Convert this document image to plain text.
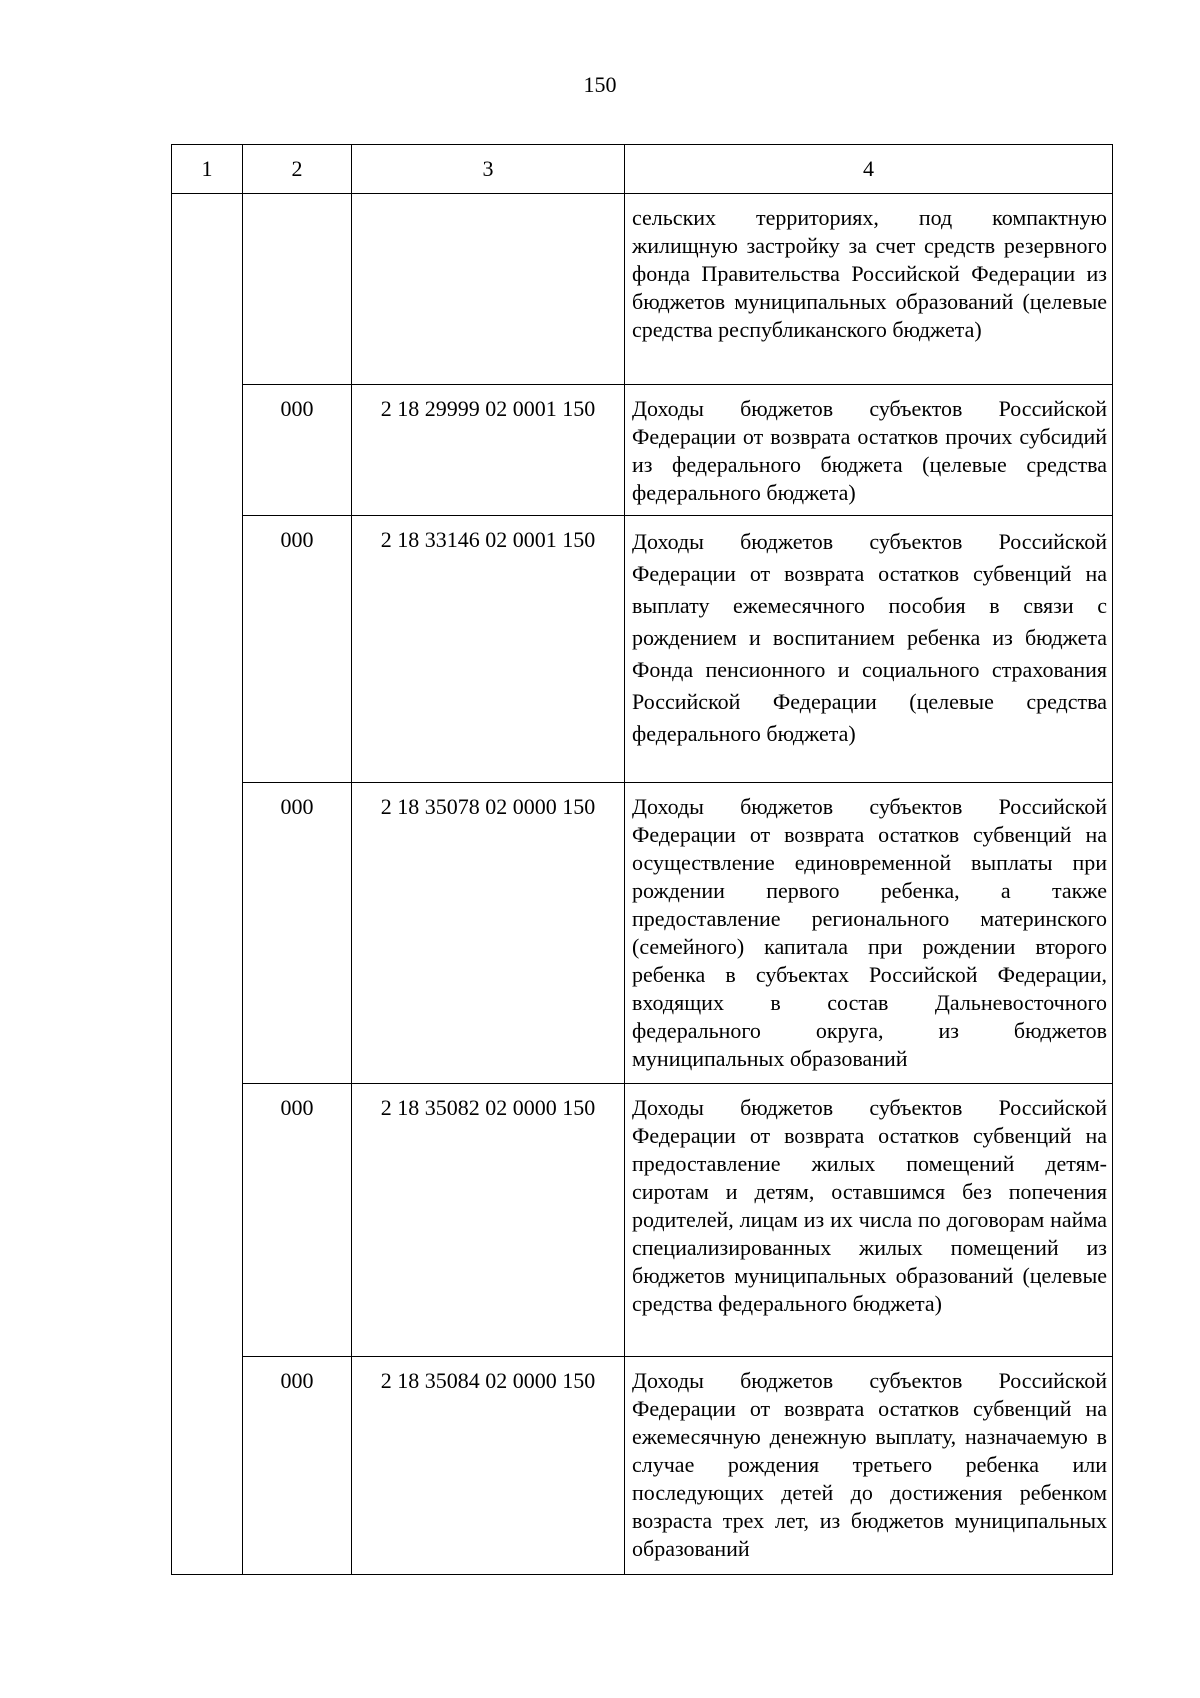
150
1	2	3	4

			сельских территориях, под компактную жилищную застройку за счет средств резервного фонда Правительства Российской Федерации из бюджетов муниципальных образований (целевые средства республиканского бюджета)

	000	2 18 29999 02 0001 150	Доходы бюджетов субъектов Российской Федерации от возврата остатков прочих субсидий из федерального бюджета (целевые средства федерального бюджета)

	000	2 18 33146 02 0001 150	Доходы бюджетов субъектов Российской Федерации от возврата остатков субвенций на выплату ежемесячного пособия в связи с рождением и воспитанием ребенка из бюджета Фонда пенсионного и социального страхования Российской Федерации (целевые средства федерального бюджета)

	000	2 18 35078 02 0000 150	Доходы бюджетов субъектов Российской Федерации от возврата остатков субвенций на осуществление единовременной выплаты при рождении первого ребенка, а также предоставление регионального материнского (семейного) капитала при рождении второго ребенка в субъектах Российской Федерации, входящих в состав Дальневосточного федерального округа, из бюджетов муниципальных образований

	000	2 18 35082 02 0000 150	Доходы бюджетов субъектов Российской Федерации от возврата остатков субвенций на предоставление жилых помещений детям-сиротам и детям, оставшимся без попечения родителей, лицам из их числа по договорам найма специализированных жилых помещений из бюджетов муниципальных образований (целевые средства федерального бюджета)

	000	2 18 35084 02 0000 150	Доходы бюджетов субъектов Российской Федерации от возврата остатков субвенций на ежемесячную денежную выплату, назначаемую в случае рождения третьего ребенка или последующих детей до достижения ребенком возраста трех лет, из бюджетов муниципальных образований
